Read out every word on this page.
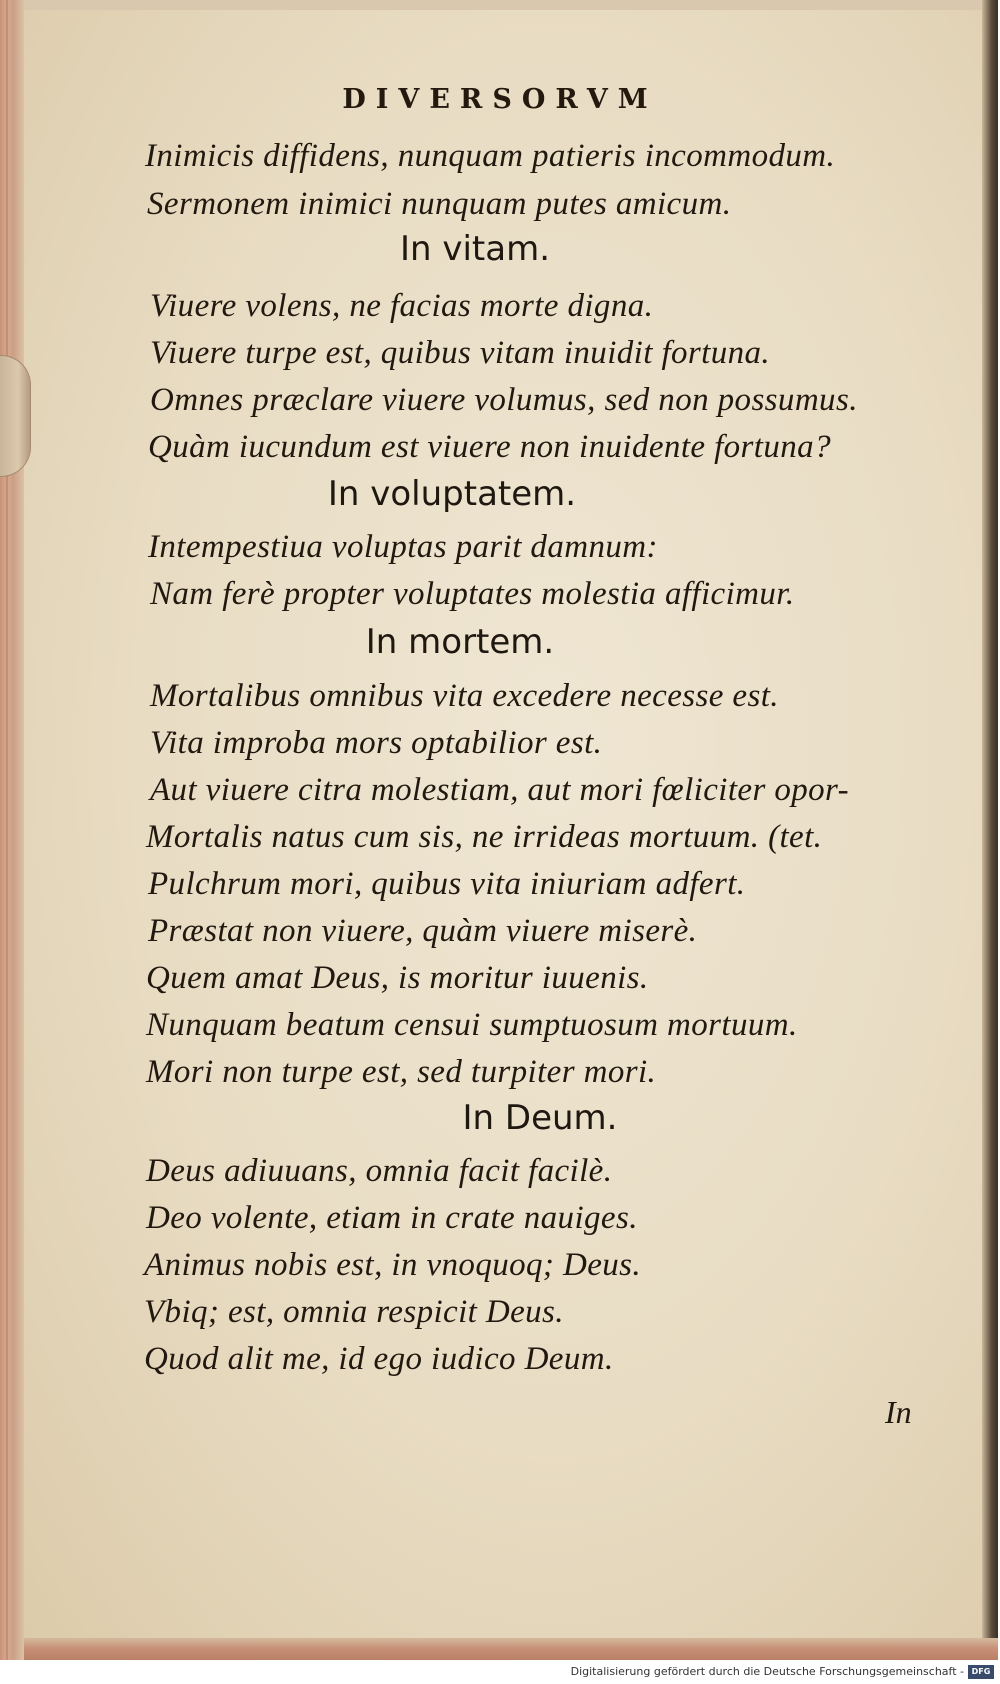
DIVERSORVM
Inimicis diffidens, nunquam patieris incommodum.
Sermonem inimici nunquam putes amicum.
In vitam.
Viuere volens, ne facias morte digna.
Viuere turpe est, quibus vitam inuidit fortuna.
Omnes præclare viuere volumus, sed non possumus.
Quàm iucundum est viuere non inuidente fortuna?
In voluptatem.
Intempestiua voluptas parit damnum:
Nam ferè propter voluptates molestia afficimur.
In mortem.
Mortalibus omnibus vita excedere necesse est.
Vita improba mors optabilior est.
Aut viuere citra molestiam, aut mori fœliciter opor-
Mortalis natus cum sis, ne irrideas mortuum. (tet.
Pulchrum mori, quibus vita iniuriam adfert.
Præstat non viuere, quàm viuere miserè.
Quem amat Deus, is moritur iuuenis.
Nunquam beatum censui sumptuosum mortuum.
Mori non turpe est, sed turpiter mori.
In Deum.
Deus adiuuans, omnia facit facilè.
Deo volente, etiam in crate nauiges.
Animus nobis est, in vnoquoq; Deus.
Vbiq; est, omnia respicit Deus.
Quod alit me, id ego iudico Deum.
In
Digitalisierung gefördert durch die Deutsche Forschungsgemeinschaft - DFG
